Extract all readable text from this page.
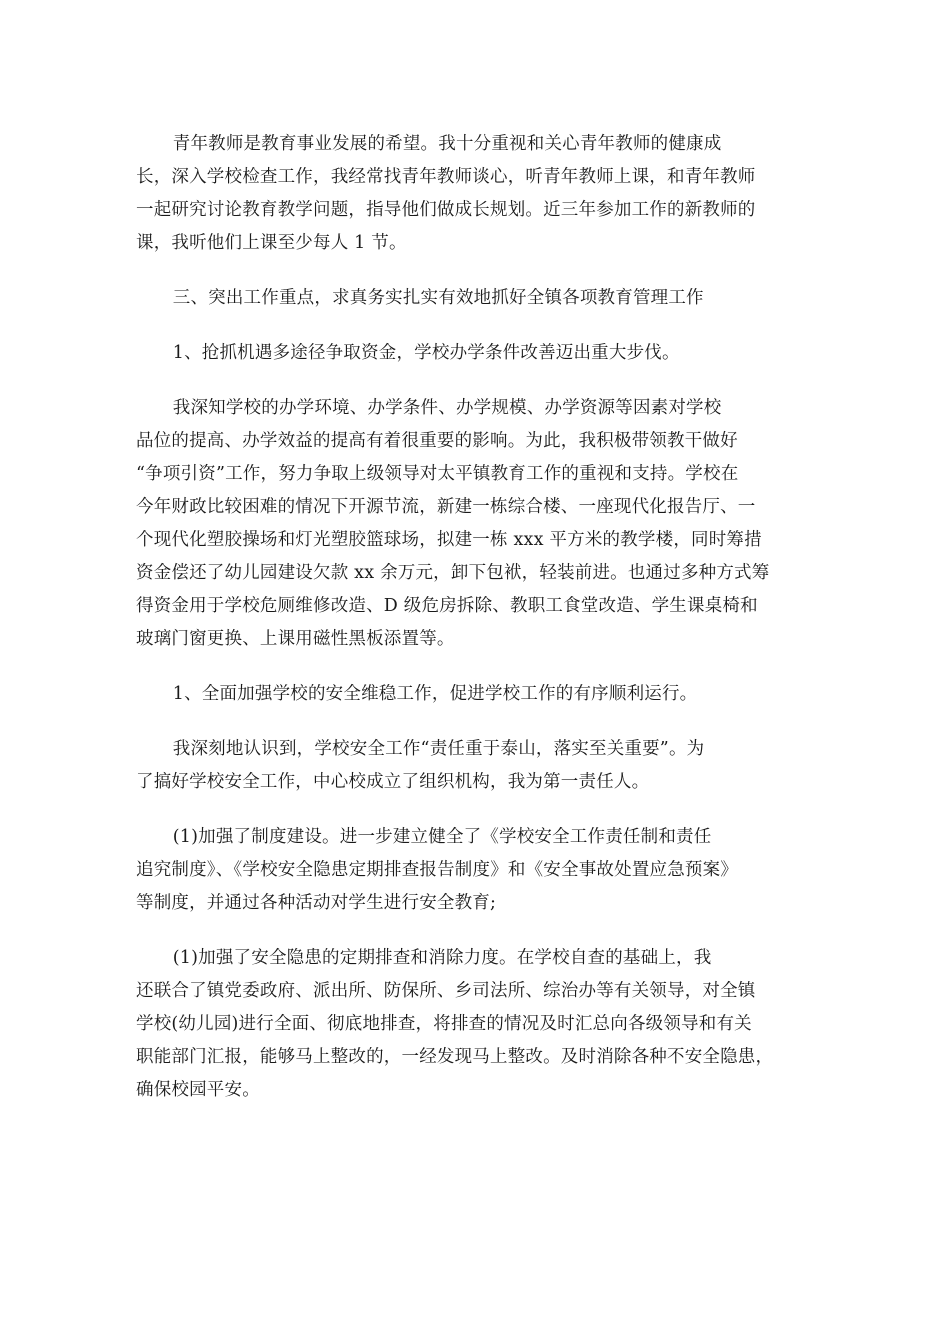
青年教师是教育事业发展的希望。我十分重视和关心青年教师的健康成
长，深入学校检查工作，我经常找青年教师谈心，听青年教师上课，和青年教师
一起研究讨论教育教学问题，指导他们做成长规划。近三年参加工作的新教师的
课，我听他们上课至少每人 1 节。

三、突出工作重点，求真务实扎实有效地抓好全镇各项教育管理工作

1、抢抓机遇多途径争取资金，学校办学条件改善迈出重大步伐。

我深知学校的办学环境、办学条件、办学规模、办学资源等因素对学校
品位的提高、办学效益的提高有着很重要的影响。为此，我积极带领教干做好
“争项引资”工作，努力争取上级领导对太平镇教育工作的重视和支持。学校在
今年财政比较困难的情况下开源节流，新建一栋综合楼、一座现代化报告厅、一
个现代化塑胶操场和灯光塑胶篮球场，拟建一栋 xxx 平方米的教学楼，同时筹措
资金偿还了幼儿园建设欠款 xx 余万元，卸下包袱，轻装前进。也通过多种方式筹
得资金用于学校危厕维修改造、D 级危房拆除、教职工食堂改造、学生课桌椅和
玻璃门窗更换、上课用磁性黑板添置等。

1、全面加强学校的安全维稳工作，促进学校工作的有序顺利运行。

我深刻地认识到，学校安全工作“责任重于泰山，落实至关重要”。为
了搞好学校安全工作，中心校成立了组织机构，我为第一责任人。

(1)加强了制度建设。进一步建立健全了《学校安全工作责任制和责任
追究制度》、《学校安全隐患定期排查报告制度》和《安全事故处置应急预案》
等制度，并通过各种活动对学生进行安全教育;

(1)加强了安全隐患的定期排查和消除力度。在学校自查的基础上，我
还联合了镇党委政府、派出所、防保所、乡司法所、综治办等有关领导，对全镇
学校(幼儿园)进行全面、彻底地排查，将排查的情况及时汇总向各级领导和有关
职能部门汇报，能够马上整改的，一经发现马上整改。及时消除各种不安全隐患，
确保校园平安。
